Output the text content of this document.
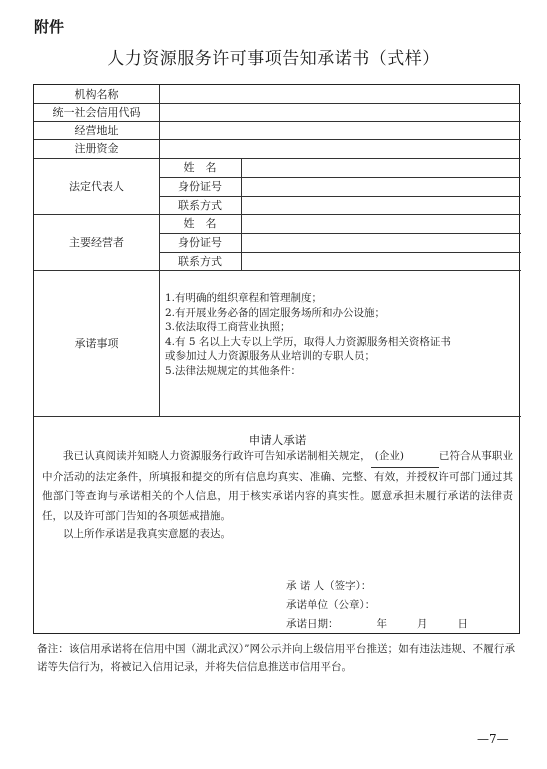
附件
人力资源服务许可事项告知承诺书（式样）
机构名称
统一社会信用代码
经营地址
注册资金
法定代表人
姓　名
身份证号
联系方式
主要经营者
姓　名
身份证号
联系方式
承诺事项
1.有明确的组织章程和管理制度；
2.有开展业务必备的固定服务场所和办公设施；
3.依法取得工商营业执照；
4.有 5 名以上大专以上学历，取得人力资源服务相关资格证书
或参加过人力资源服务从业培训的专职人员；
5.法律法规规定的其他条件：
申请人承诺
我已认真阅读并知晓人力资源服务行政许可告知承诺制相关规定， (企业)	已符合从事职业中介活动的法定条件，所填报和提交的所有信息均真实、准确、完整、有效，并授权许可部门通过其他部门等查询与承诺相关的个人信息，用于核实承诺内容的真实性。愿意承担未履行承诺的法律责任，以及许可部门告知的各项惩戒措施。
以上所作承诺是我真实意愿的表达。
承 诺 人（签字）：
承诺单位（公章）：
承诺日期：	年	月	日
备注：该信用承诺将在信用中国（湖北武汉）”网公示并向上级信用平台推送；如有违法违规、不履行承诺等失信行为，将被记入信用记录，并将失信信息推送市信用平台。
—7—
